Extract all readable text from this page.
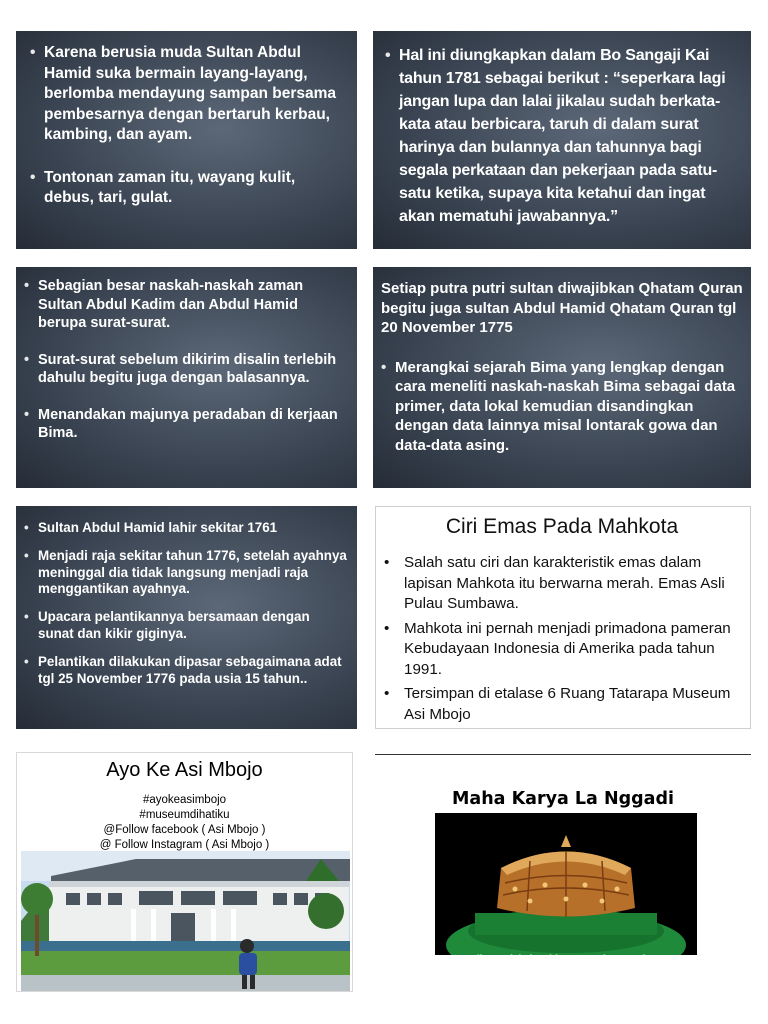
• Karena berusia muda Sultan Abdul Hamid suka bermain layang-layang, berlomba mendayung sampan bersama pembesarnya dengan bertaruh kerbau, kambing, dan ayam.
• Tontonan zaman itu, wayang kulit, debus, tari, gulat.
• Hal ini diungkapkan dalam Bo Sangaji Kai tahun 1781 sebagai berikut : “seperkara lagi jangan lupa dan lalai jikalau sudah berkata-kata atau berbicara, taruh di dalam surat harinya dan bulannya dan tahunnya bagi segala perkataan dan pekerjaan pada satu-satu ketika, supaya kita ketahui dan ingat akan mematuhi jawabannya.”
• Sebagian besar naskah-naskah zaman Sultan Abdul Kadim dan Abdul Hamid berupa surat-surat.
• Surat-surat sebelum dikirim disalin terlebih dahulu begitu juga dengan balasannya.
• Menandakan majunya peradaban di kerjaan Bima.

Setiap putra putri sultan diwajibkan Qhatam Quran begitu juga sultan Abdul Hamid Qhatam Quran tgl 20 November 1775

• Merangkai sejarah Bima yang lengkap dengan cara meneliti naskah-naskah Bima sebagai data primer, data lokal kemudian disandingkan dengan data lainnya misal lontarak gowa dan data-data asing.
• Sultan Abdul Hamid lahir sekitar 1761
• Menjadi raja sekitar tahun 1776, setelah ayahnya meninggal dia tidak langsung menjadi raja menggantikan ayahnya.
• Upacara pelantikannya bersamaan dengan sunat dan kikir giginya.
• Pelantikan dilakukan dipasar sebagaimana adat tgl 25 November 1776 pada usia 15 tahun..
Ciri Emas Pada Mahkota
• Salah satu ciri dan karakteristik emas dalam lapisan Mahkota itu berwarna merah. Emas Asli Pulau Sumbawa.
• Mahkota ini pernah menjadi primadona pameran Kebudayaan Indonesia di Amerika pada tahun 1991.
• Tersimpan di etalase 6 Ruang Tatarapa Museum Asi Mbojo
Ayo Ke Asi Mbojo
#ayokeasimbojo
#museumdihatiku
@Follow facebook ( Asi Mbojo )
@ Follow Instagram ( Asi Mbojo )
Maha Karya La Nggadi
Kajian Koleksi Mahkota Kesultanan Bima
